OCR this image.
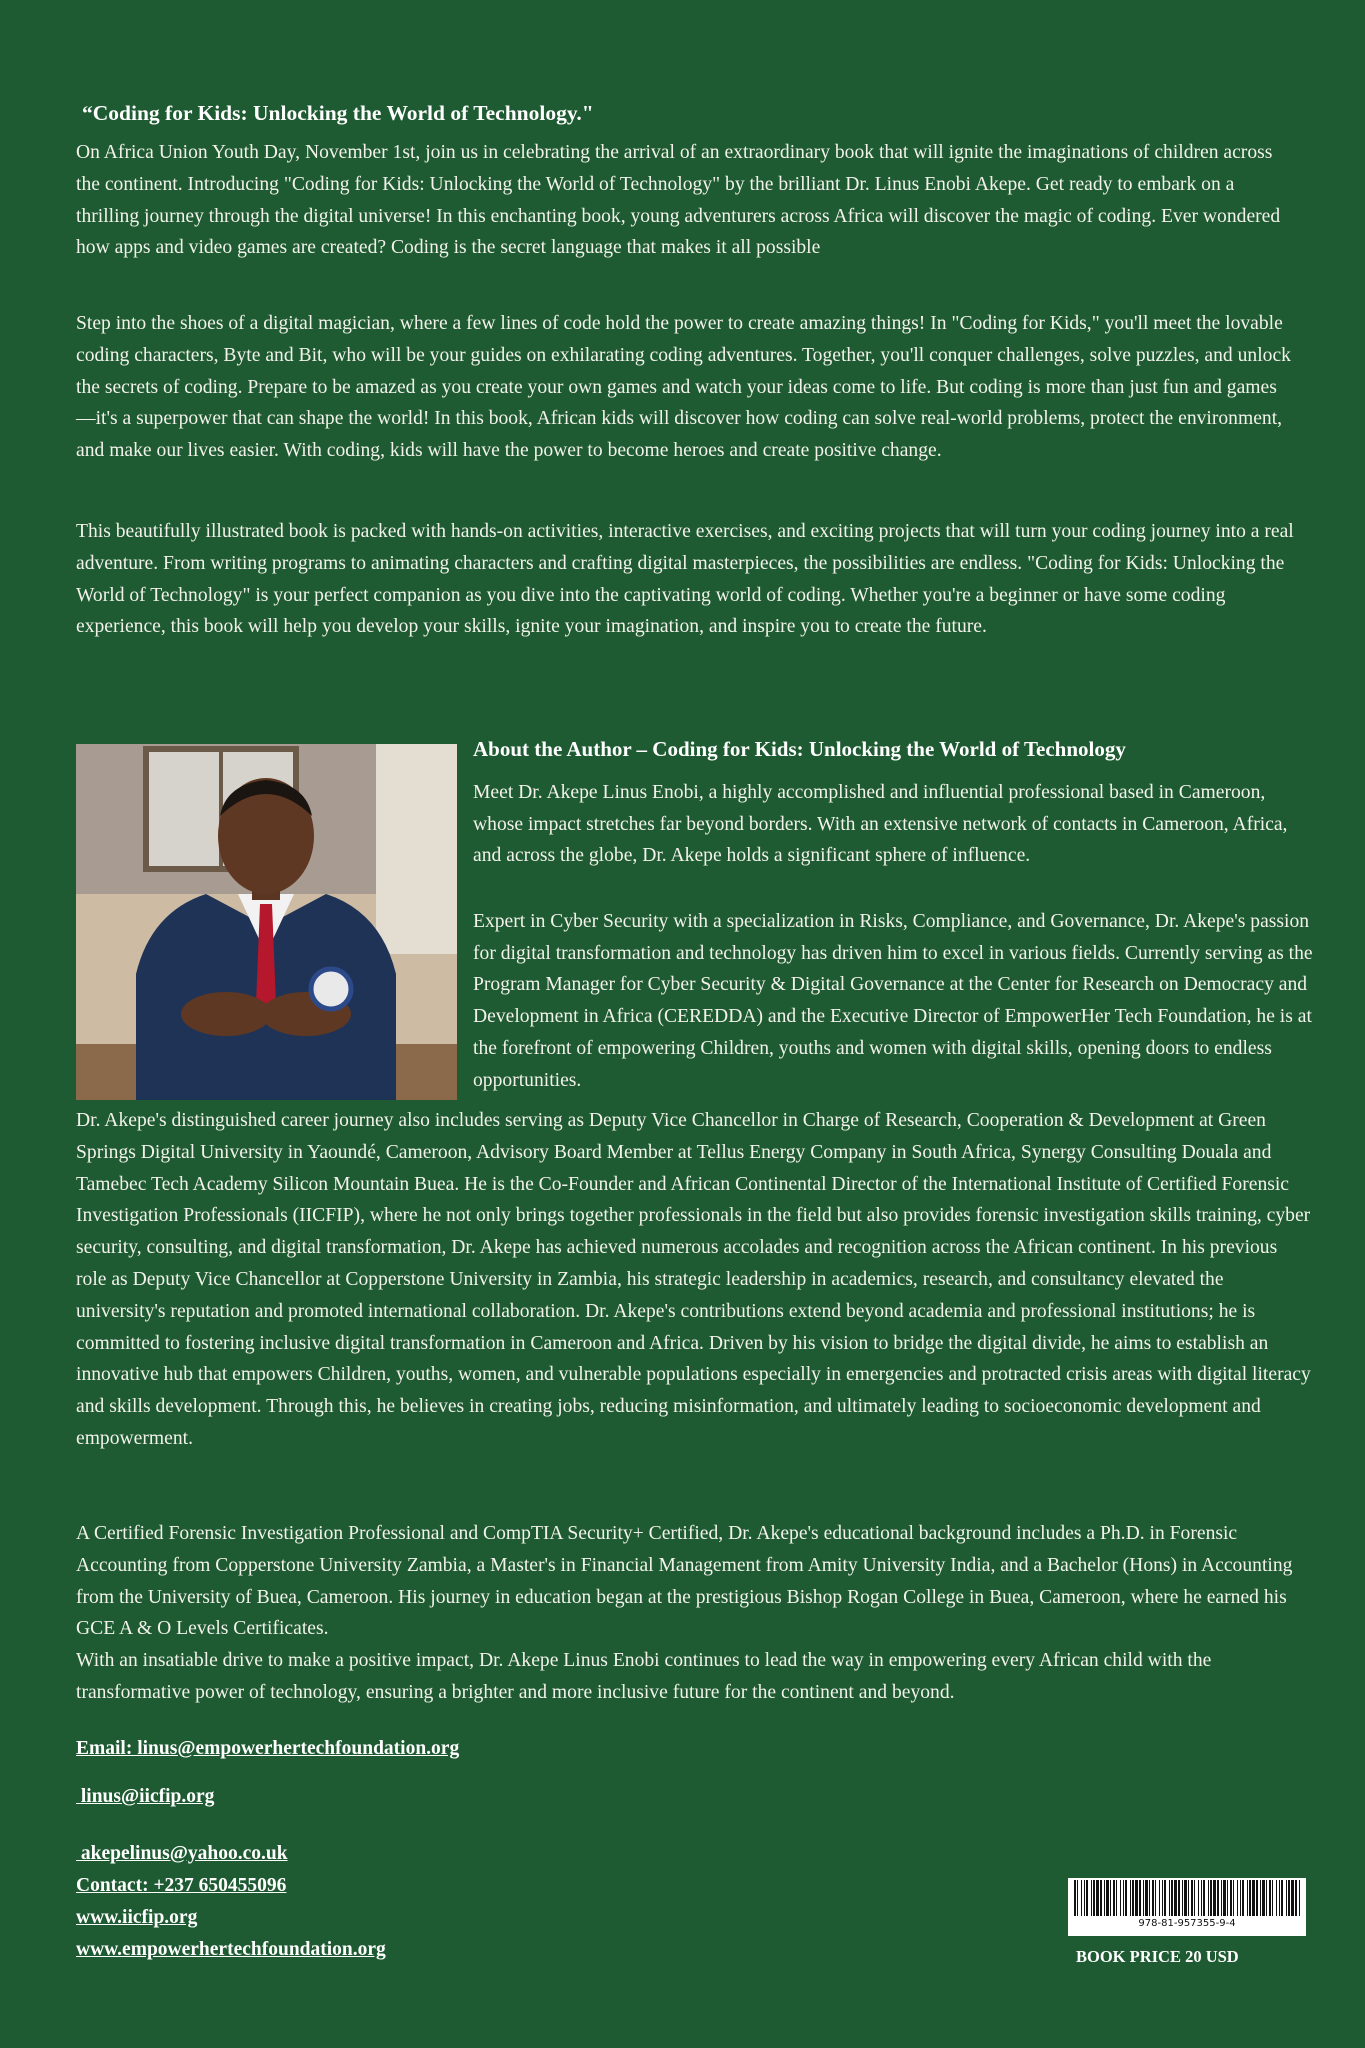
“Coding for Kids: Unlocking the World of Technology."

On Africa Union Youth Day, November 1st, join us in celebrating the arrival of an extraordinary book that will ignite the imaginations of children across the continent. Introducing "Coding for Kids: Unlocking the World of Technology" by the brilliant Dr. Linus Enobi Akepe. Get ready to embark on a thrilling journey through the digital universe! In this enchanting book, young adventurers across Africa will discover the magic of coding. Ever wondered how apps and video games are created? Coding is the secret language that makes it all possible

Step into the shoes of a digital magician, where a few lines of code hold the power to create amazing things! In "Coding for Kids," you'll meet the lovable coding characters, Byte and Bit, who will be your guides on exhilarating coding adventures. Together, you'll conquer challenges, solve puzzles, and unlock the secrets of coding. Prepare to be amazed as you create your own games and watch your ideas come to life. But coding is more than just fun and games—it's a superpower that can shape the world! In this book, African kids will discover how coding can solve real-world problems, protect the environment, and make our lives easier. With coding, kids will have the power to become heroes and create positive change.

This beautifully illustrated book is packed with hands-on activities, interactive exercises, and exciting projects that will turn your coding journey into a real adventure. From writing programs to animating characters and crafting digital masterpieces, the possibilities are endless. "Coding for Kids: Unlocking the World of Technology" is your perfect companion as you dive into the captivating world of coding. Whether you're a beginner or have some coding experience, this book will help you develop your skills, ignite your imagination, and inspire you to create the future.

About the Author – Coding for Kids: Unlocking the World of Technology

Meet Dr. Akepe Linus Enobi, a highly accomplished and influential professional based in Cameroon, whose impact stretches far beyond borders. With an extensive network of contacts in Cameroon, Africa, and across the globe, Dr. Akepe holds a significant sphere of influence.

Expert in Cyber Security with a specialization in Risks, Compliance, and Governance, Dr. Akepe's passion for digital transformation and technology has driven him to excel in various fields. Currently serving as the Program Manager for Cyber Security & Digital Governance at the Center for Research on Democracy and Development in Africa (CEREDDA) and the Executive Director of EmpowerHer Tech Foundation, he is at the forefront of empowering Children, youths and women with digital skills, opening doors to endless opportunities.

Dr. Akepe's distinguished career journey also includes serving as Deputy Vice Chancellor in Charge of Research, Cooperation & Development at Green Springs Digital University in Yaoundé, Cameroon, Advisory Board Member at Tellus Energy Company in South Africa, Synergy Consulting Douala and Tamebec Tech Academy Silicon Mountain Buea. He is the Co-Founder and African Continental Director of the International Institute of Certified Forensic Investigation Professionals (IICFIP), where he not only brings together professionals in the field but also provides forensic investigation skills training, cyber security, consulting, and digital transformation, Dr. Akepe has achieved numerous accolades and recognition across the African continent. In his previous role as Deputy Vice Chancellor at Copperstone University in Zambia, his strategic leadership in academics, research, and consultancy elevated the university's reputation and promoted international collaboration. Dr. Akepe's contributions extend beyond academia and professional institutions; he is committed to fostering inclusive digital transformation in Cameroon and Africa. Driven by his vision to bridge the digital divide, he aims to establish an innovative hub that empowers Children, youths, women, and vulnerable populations especially in emergencies and protracted crisis areas with digital literacy and skills development. Through this, he believes in creating jobs, reducing misinformation, and ultimately leading to socioeconomic development and empowerment.

A Certified Forensic Investigation Professional and CompTIA Security+ Certified, Dr. Akepe's educational background includes a Ph.D. in Forensic Accounting from Copperstone University Zambia, a Master's in Financial Management from Amity University India, and a Bachelor (Hons) in Accounting from the University of Buea, Cameroon. His journey in education began at the prestigious Bishop Rogan College in Buea, Cameroon, where he earned his GCE A & O Levels Certificates.
With an insatiable drive to make a positive impact, Dr. Akepe Linus Enobi continues to lead the way in empowering every African child with the transformative power of technology, ensuring a brighter and more inclusive future for the continent and beyond.

Email: linus@empowerhertechfoundation.org

linus@iicfip.org

akepelinus@yahoo.co.uk

Contact: +237 650455096

www.iicfip.org

www.empowerhertechfoundation.org

978-81-957355-9-4

BOOK PRICE 20 USD
